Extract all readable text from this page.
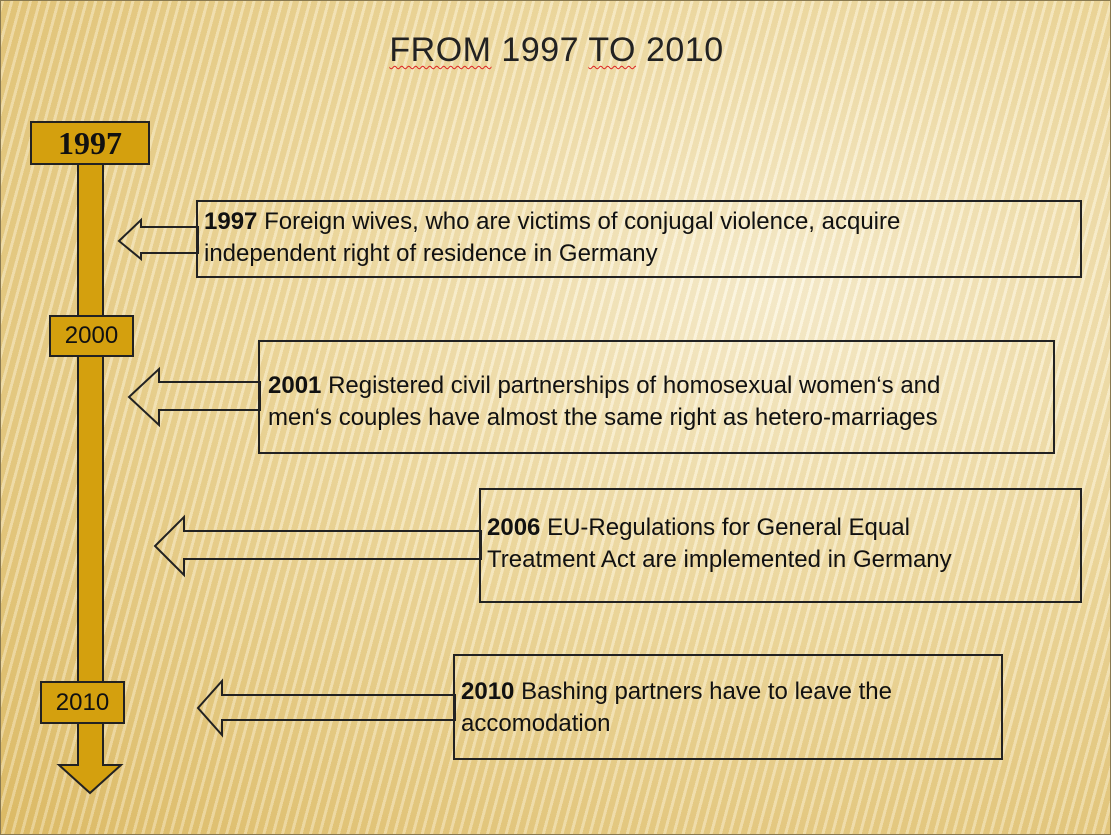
FROM 1997 TO 2010
1997
2000
2010
1997 Foreign wives, who are victims of conjugal violence, acquire
independent right of residence in Germany
2001 Registered civil partnerships of homosexual women‘s and
men‘s couples have almost the same right as hetero-marriages
2006 EU-Regulations for General Equal
Treatment Act are implemented in Germany
2010 Bashing partners have to leave the
accomodation
